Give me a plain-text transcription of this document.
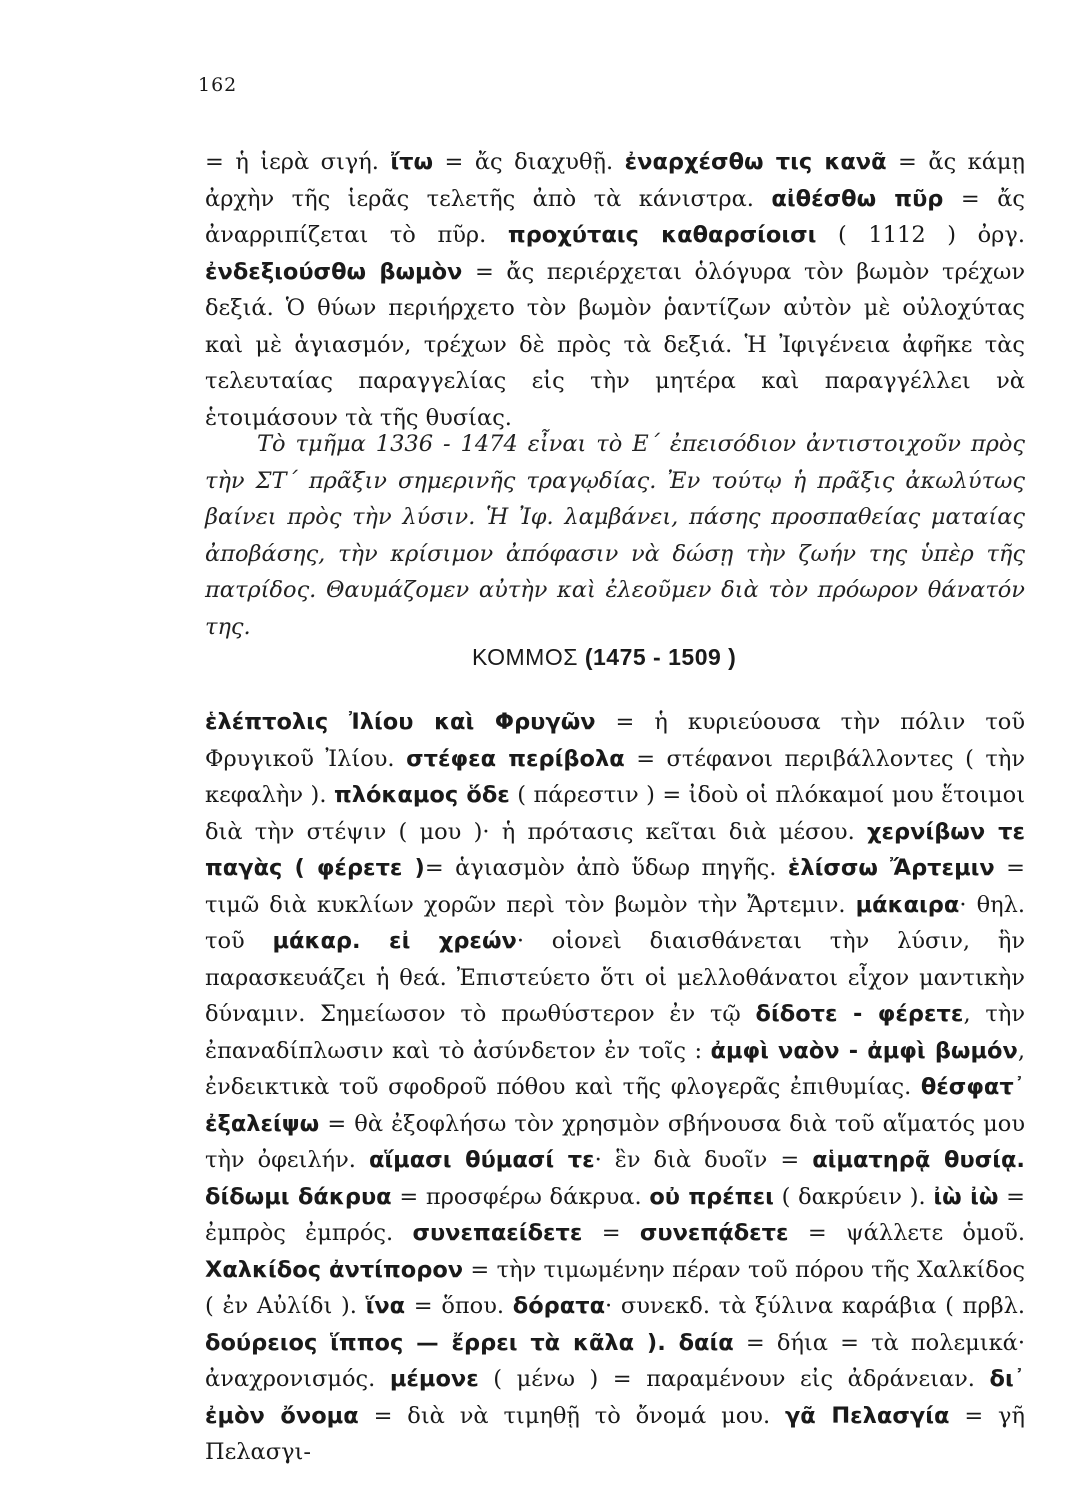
162

= ἡ ἱερὰ σιγή. ἴτω = ἄς διαχυθῇ. ἐναρχέσθω τις κανᾶ = ἄς κάμῃ ἀρχὴν τῆς ἱερᾶς τελετῆς ἀπὸ τὰ κάνιστρα. αἰθέσθω πῦρ = ἄς ἀναρριπίζεται τὸ πῦρ. προχύταις καθαρσίοισι ( 1112 ) ὀργ. ἐνδεξιούσθω βωμὸν = ἄς περιέρχεται ὁλόγυρα τὸν βωμὸν τρέχων δεξιά. Ὁ θύων περιήρχετο τὸν βωμὸν ῥαντίζων αὐτὸν μὲ οὐλοχύτας καὶ μὲ ἁγιασμόν, τρέχων δὲ πρὸς τὰ δεξιά. Ἡ Ἰφιγένεια ἀφῆκε τὰς τελευταίας παραγγελίας εἰς τὴν μητέρα καὶ παραγγέλλει νὰ ἑτοιμάσουν τὰ τῆς θυσίας.

Τὸ τμῆμα 1336 - 1474 εἶναι τὸ Ε΄ ἐπεισόδιον ἀντιστοιχοῦν πρὸς τὴν ΣΤ΄ πρᾶξιν σημερινῆς τραγῳδίας. Ἐν τούτῳ ἡ πρᾶξις ἀκωλύτως βαίνει πρὸς τὴν λύσιν. Ἡ Ἰφ. λαμβάνει, πάσης προσπαθείας ματαίας ἀποβάσης, τὴν κρίσιμον ἀπόφασιν νὰ δώσῃ τὴν ζωήν της ὑπὲρ τῆς πατρίδος. Θαυμάζομεν αὐτὴν καὶ ἐλεοῦμεν διὰ τὸν πρόωρον θάνατόν της.

ΚΟΜΜΟΣ (1475 - 1509 )

ἑλέπτολις Ἰλίου καὶ Φρυγῶν = ἡ κυριεύουσα τὴν πόλιν τοῦ Φρυγικοῦ Ἰλίου. στέφεα περίβολα = στέφανοι περιβάλλοντες ( τὴν κεφαλὴν ). πλόκαμος ὅδε ( πάρεστιν ) = ἰδοὺ οἱ πλόκαμοί μου ἕτοιμοι διὰ τὴν στέψιν ( μου )· ἡ πρότασις κεῖται διὰ μέσου. χερνίβων τε παγὰς ( φέρετε )= ἁγιασμὸν ἀπὸ ὕδωρ πηγῆς. ἑλίσσω Ἄρτεμιν = τιμῶ διὰ κυκλίων χορῶν περὶ τὸν βωμὸν τὴν Ἄρτεμιν. μάκαιρα· θηλ. τοῦ μάκαρ. εἰ χρεών· οἱονεὶ διαισθάνεται τὴν λύσιν, ἣν παρασκευάζει ἡ θεά. Ἐπιστεύετο ὅτι οἱ μελλοθάνατοι εἶχον μαντικὴν δύναμιν. Σημείωσον τὸ πρωθύστερον ἐν τῷ δίδοτε - φέρετε, τὴν ἐπαναδίπλωσιν καὶ τὸ ἀσύνδετον ἐν τοῖς : ἀμφὶ ναὸν - ἀμφὶ βωμόν, ἐνδεικτικὰ τοῦ σφοδροῦ πόθου καὶ τῆς φλογερᾶς ἐπιθυμίας. θέσφατ᾽ ἐξαλείψω = θὰ ἐξοφλήσω τὸν χρησμὸν σβήνουσα διὰ τοῦ αἵματός μου τὴν ὀφειλήν. αἵμασι θύμασί τε· ἓν διὰ δυοῖν = αἱματηρᾷ θυσίᾳ. δίδωμι δάκρυα = προσφέρω δάκρυα. οὐ πρέπει ( δακρύειν ). ἰὼ ἰὼ = ἐμπρὸς ἐμπρός. συνεπαείδετε = συνεπᾴδετε = ψάλλετε ὁμοῦ. Χαλκίδος ἀντίπορον = τὴν τιμωμένην πέραν τοῦ πόρου τῆς Χαλκίδος ( ἐν Αὐλίδι ). ἵνα = ὅπου. δόρατα· συνεκδ. τὰ ξύλινα καράβια ( πρβλ. δούρειος ἵππος — ἔρρει τὰ κᾶλα ). δαία = δήια = τὰ πολεμικά· ἀναχρονισμός. μέμονε ( μένω ) = παραμένουν εἰς ἀδράνειαν. δι᾽ ἐμὸν ὄνομα = διὰ νὰ τιμηθῇ τὸ ὄνομά μου. γᾶ Πελασγία = γῆ Πελασγι-
